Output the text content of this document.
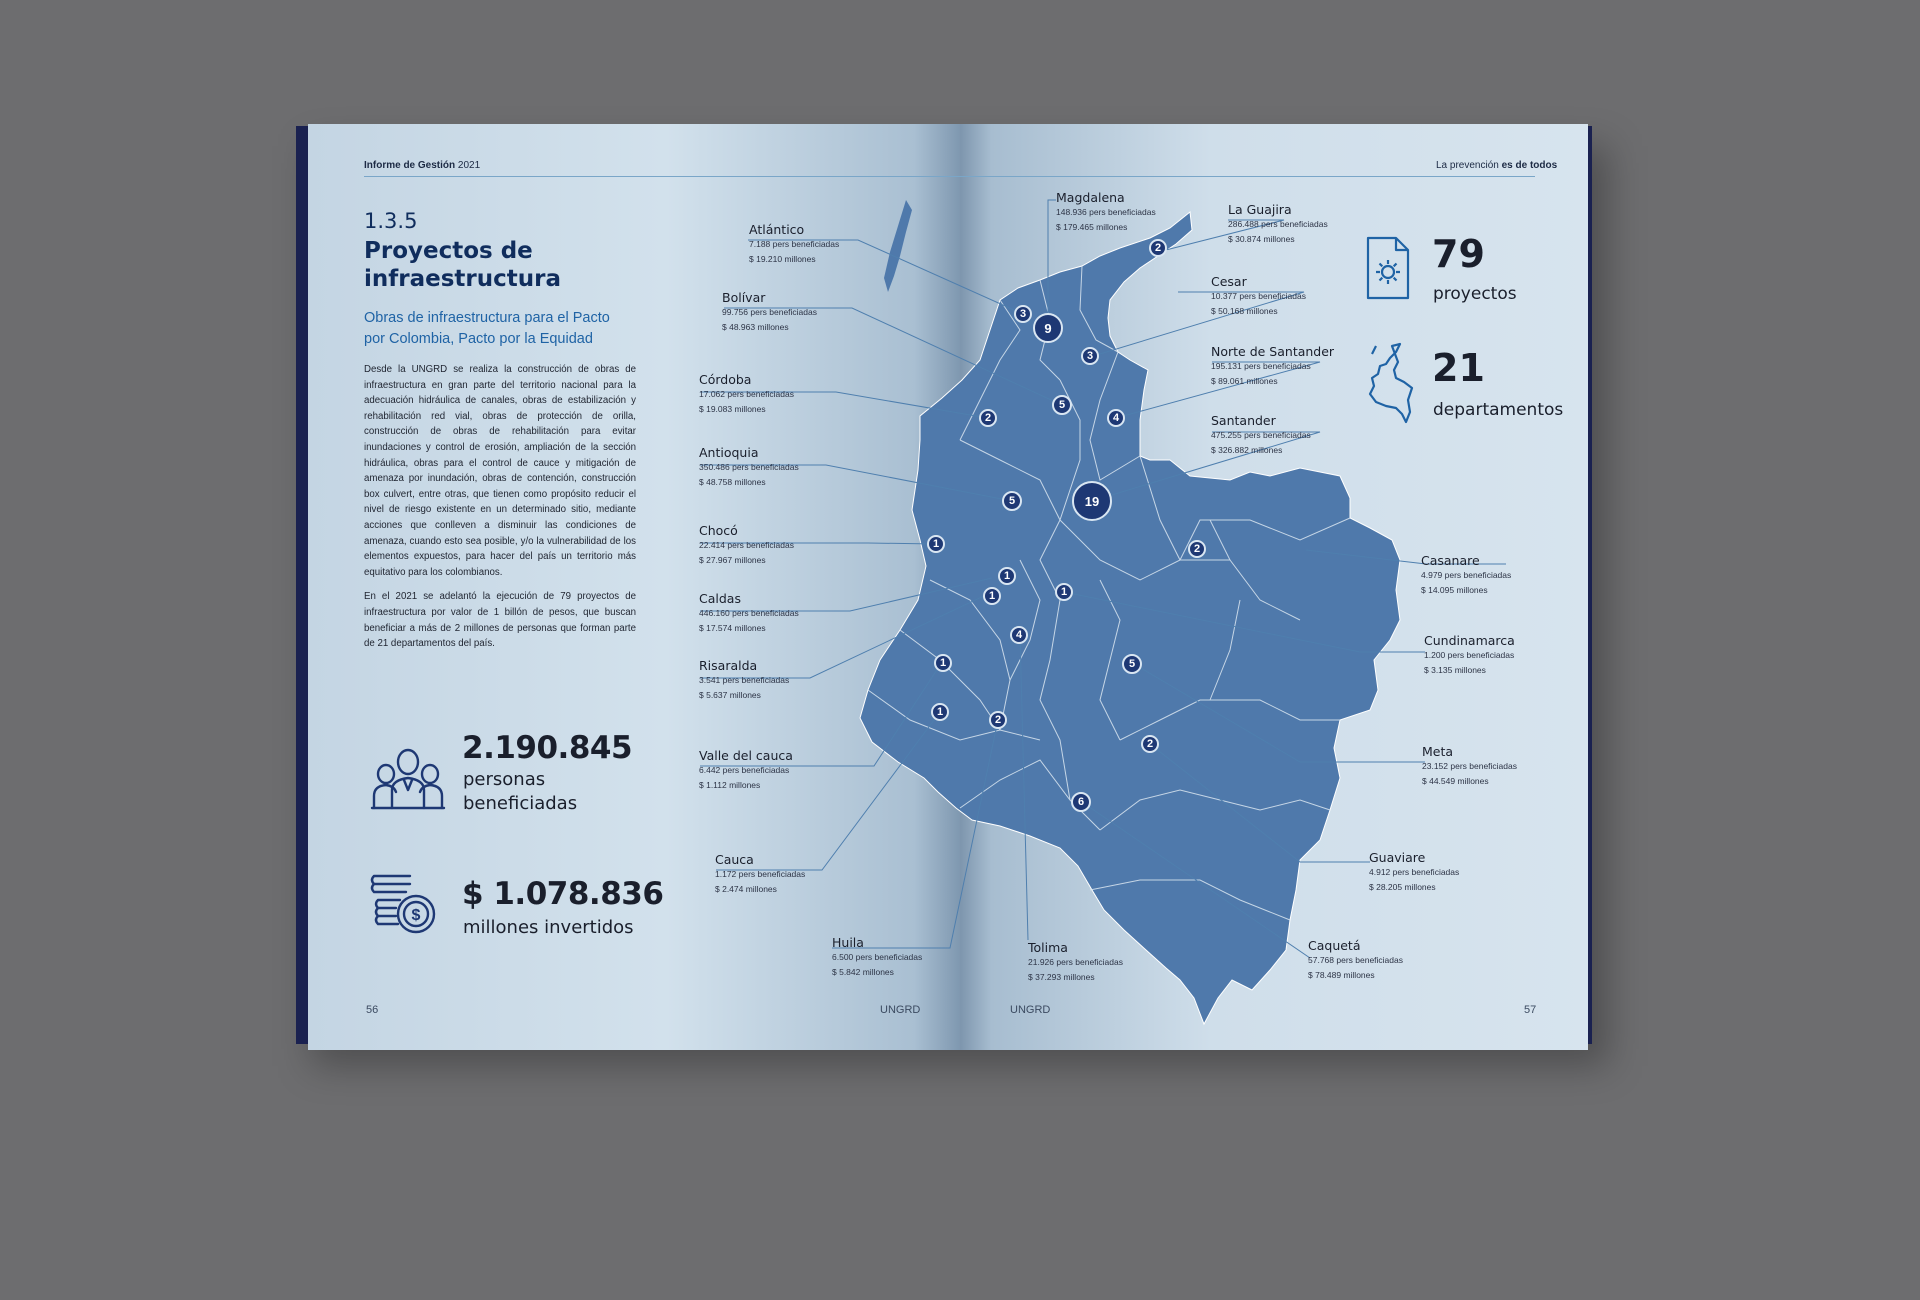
Informe de Gestión 2021
1.3.5
Proyectos de infraestructura
Obras de infraestructura para el Pacto por Colombia, Pacto por la Equidad

Desde la UNGRD se realiza la construcción de obras de infraestructura en gran parte del territorio nacional para la adecuación hidráulica de canales, obras de estabilización y rehabilitación red vial, obras de protección de orilla, construcción de obras de rehabilitación para evitar inundaciones y control de erosión, ampliación de la sección hidráulica, obras para el control de cauce y mitigación de amenaza por inundación, obras de contención, construcción box culvert, entre otras, que tienen como propósito reducir el nivel de riesgo existente en un determinado sitio, mediante acciones que conlleven a disminuir las condiciones de amenaza, cuando esto sea posible, y/o la vulnerabilidad de los elementos expuestos, para hacer del país un territorio más equitativo para los colombianos.

En el 2021 se adelantó la ejecución de 79 proyectos de infraestructura por valor de 1 billón de pesos, que buscan beneficiar a más de 2 millones de personas que forman parte de 21 departamentos del país.

2.190.845
personas
beneficiadas
$
$ 1.078.836
millones invertidos
56	UNGRD
La prevención es de todos
79
proyectos
21
departamentos
UNGRD	57
Atlántico
7.188 pers beneficiadas
$ 19.210 millones
Bolívar
99.756 pers beneficiadas
$ 48.963 millones
Córdoba
17.062 pers beneficiadas
$ 19.083 millones
Antioquia
350.486 pers beneficiadas
$ 48.758 millones
Chocó
22.414 pers beneficiadas
$ 27.967 millones
Caldas
446.160 pers beneficiadas
$ 17.574 millones
Risaralda
3.541 pers beneficiadas
$ 5.637 millones
Valle del cauca
6.442 pers beneficiadas
$ 1.112 millones
Cauca
1.172 pers beneficiadas
$ 2.474 millones
Huila
6.500 pers beneficiadas
$ 5.842 millones
Tolima
21.926 pers beneficiadas
$ 37.293 millones
Magdalena
148.936 pers beneficiadas
$ 179.465 millones
La Guajira
286.488 pers beneficiadas
$ 30.874 millones
Cesar
10.377 pers beneficiadas
$ 50.168 millones
Norte de Santander
195.131 pers beneficiadas
$ 89.061 millones
Santander
475.255 pers beneficiadas
$ 326.882 millones
Casanare
4.979 pers beneficiadas
$ 14.095 millones
Cundinamarca
1.200 pers beneficiadas
$ 3.135 millones
Meta
23.152 pers beneficiadas
$ 44.549 millones
Guaviare
4.912 pers beneficiadas
$ 28.205 millones
Caquetá
57.768 pers beneficiadas
$ 78.489 millones
3
5
2
5
1
1
1
1
2
4
9
2
3
4
19
2
1
5
2
6
1
